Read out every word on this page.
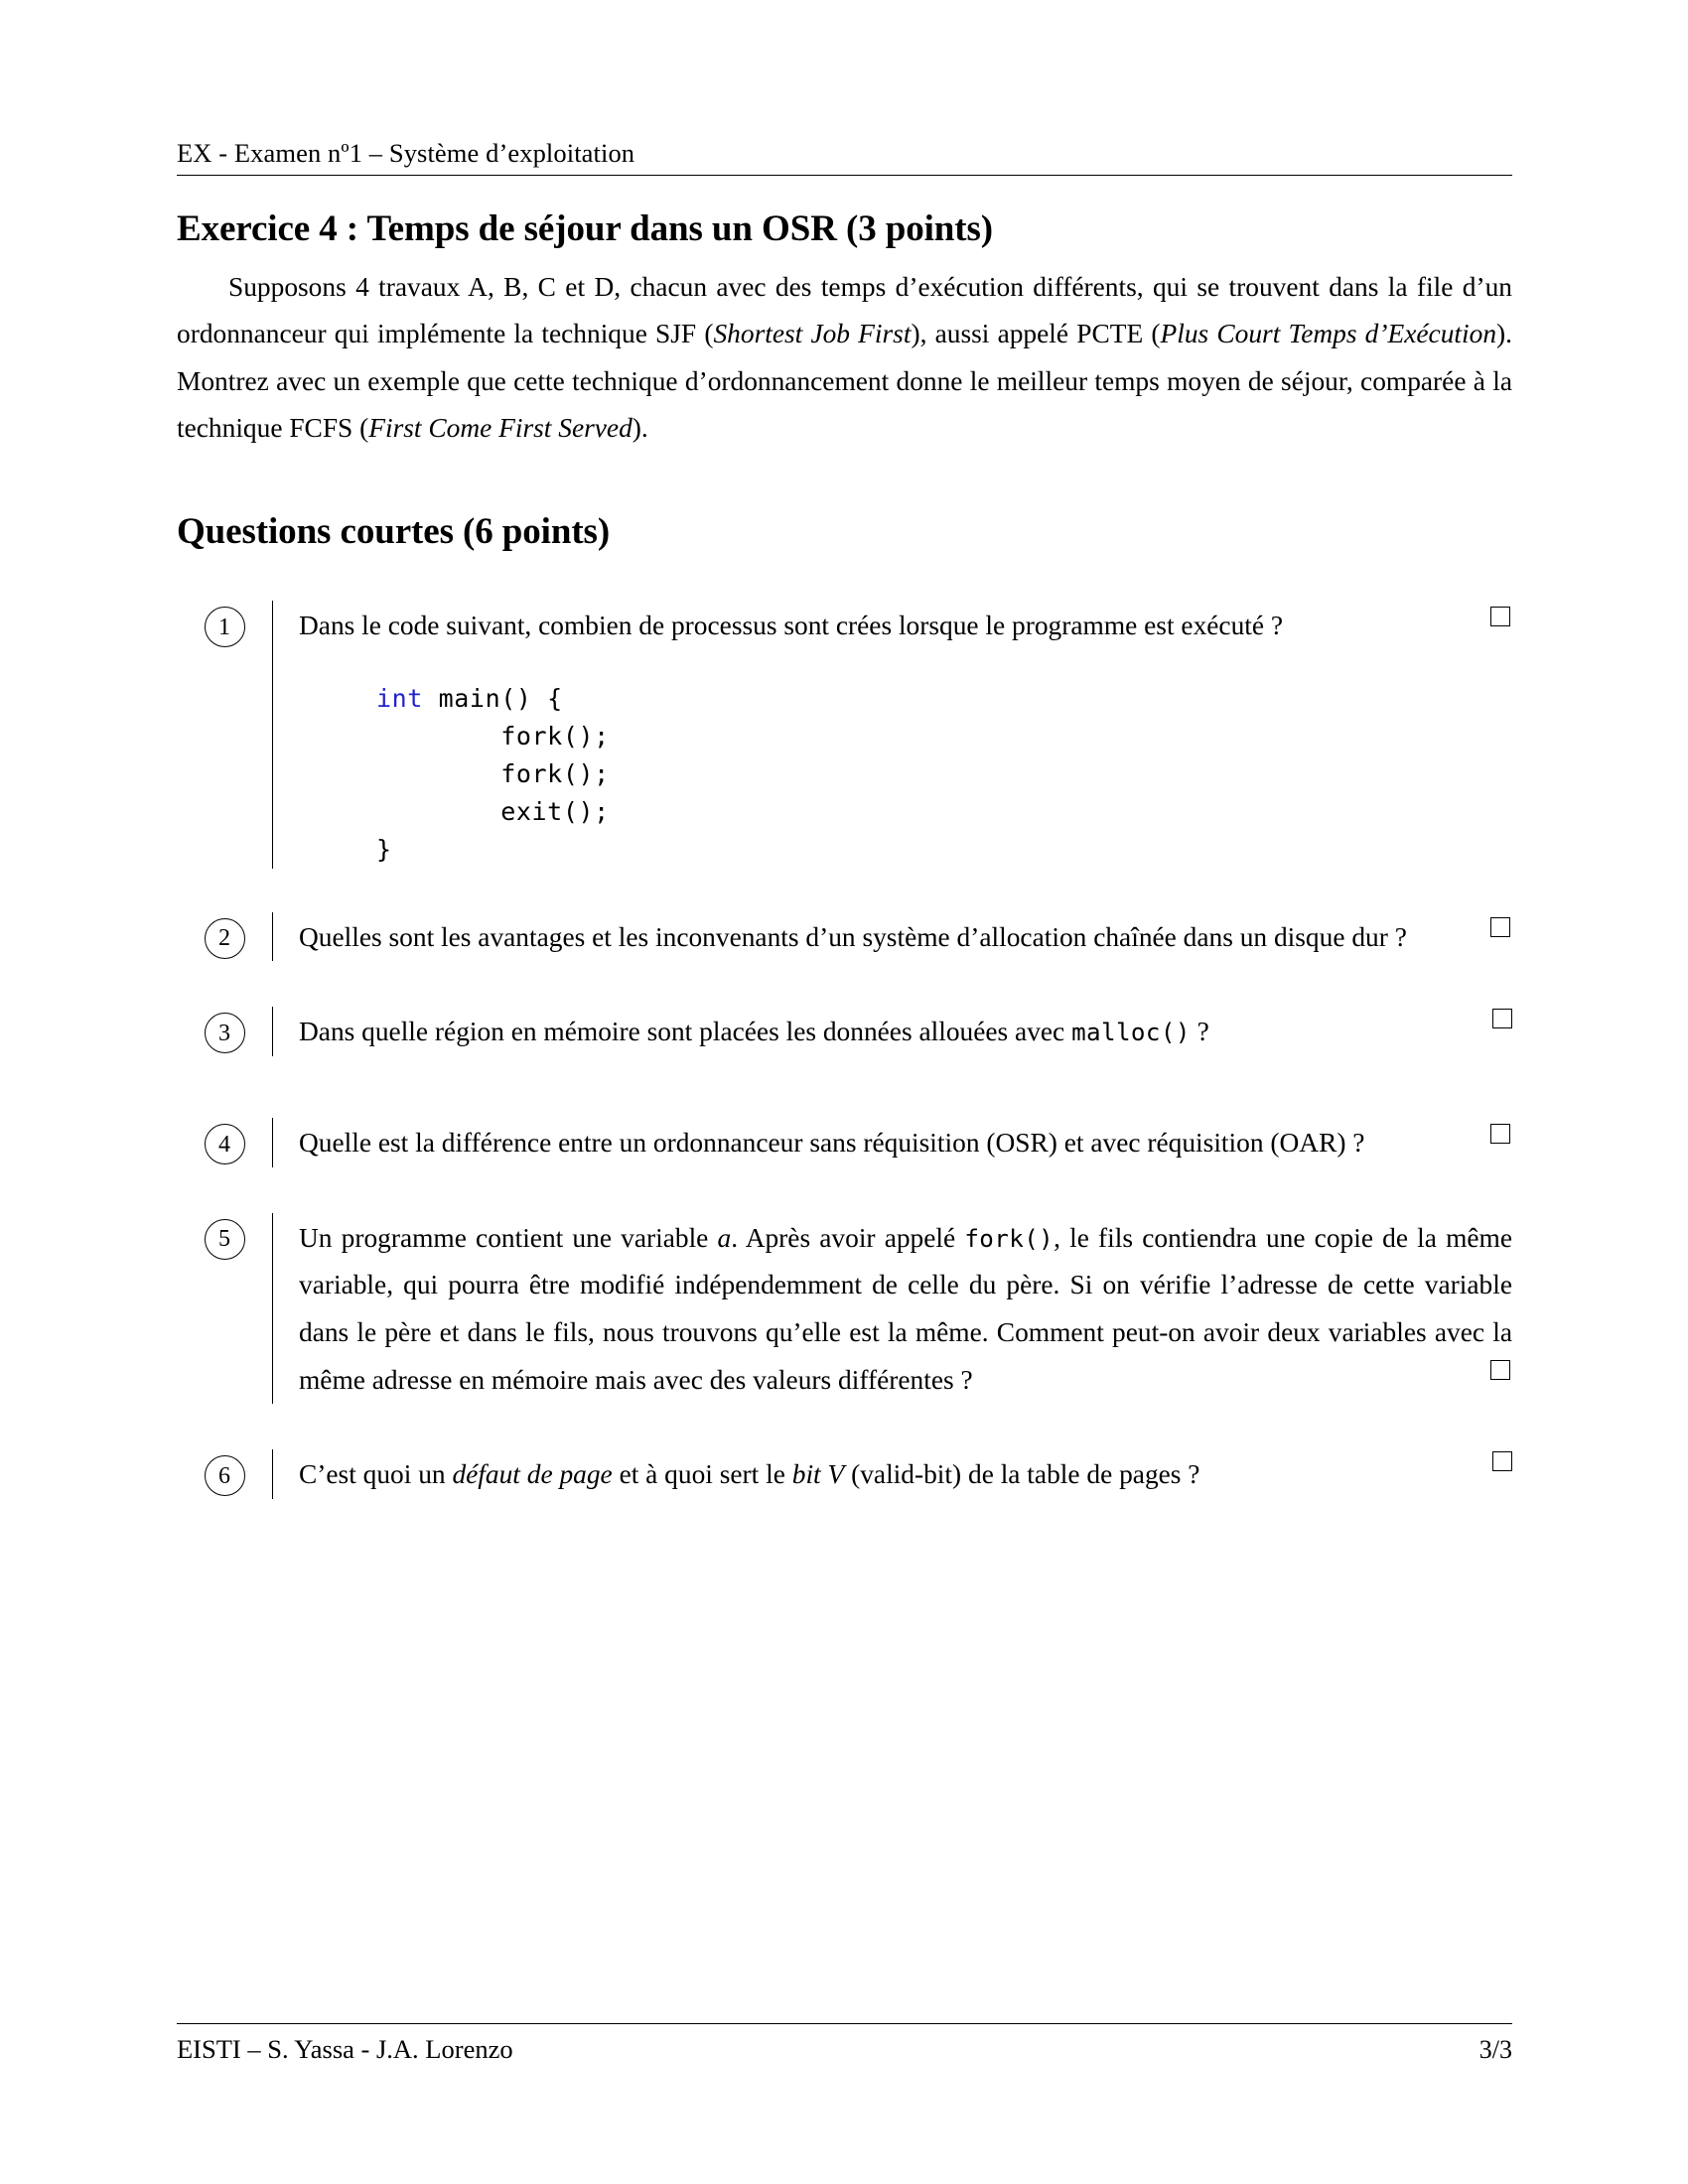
EX - Examen nº1 – Système d’exploitation
Exercice 4 : Temps de séjour dans un OSR (3 points)

Supposons 4 travaux A, B, C et D, chacun avec des temps d’exécution différents, qui se trouvent dans la file d’un ordonnanceur qui implémente la technique SJF (Shortest Job First), aussi appelé PCTE (Plus Court Temps d’Exécution). Montrez avec un exemple que cette technique d’ordonnancement donne le meilleur temps moyen de séjour, comparée à la technique FCFS (First Come First Served).

Questions courtes (6 points)
1	Dans le code suivant, combien de processus sont crées lorsque le programme est exécuté ?

int main() {
fork();
fork();
exit();
}
2	Quelles sont les avantages et les inconvenants d’un système d’allocation chaînée dans un disque dur ?

3	Dans quelle région en mémoire sont placées les données allouées avec malloc() ?

4	Quelle est la différence entre un ordonnanceur sans réquisition (OSR) et avec réquisition (OAR) ?

5	Un programme contient une variable a. Après avoir appelé fork(), le fils contiendra une copie de la même variable, qui pourra être modifié indépendemment de celle du père. Si on vérifie l’adresse de cette variable dans le père et dans le fils, nous trouvons qu’elle est la même. Comment peut-on avoir deux variables avec la même adresse en mémoire mais avec des valeurs différentes ?

6	C’est quoi un défaut de page et à quoi sert le bit V (valid-bit) de la table de pages ?

EISTI – S. Yassa - J.A. Lorenzo	3/3
